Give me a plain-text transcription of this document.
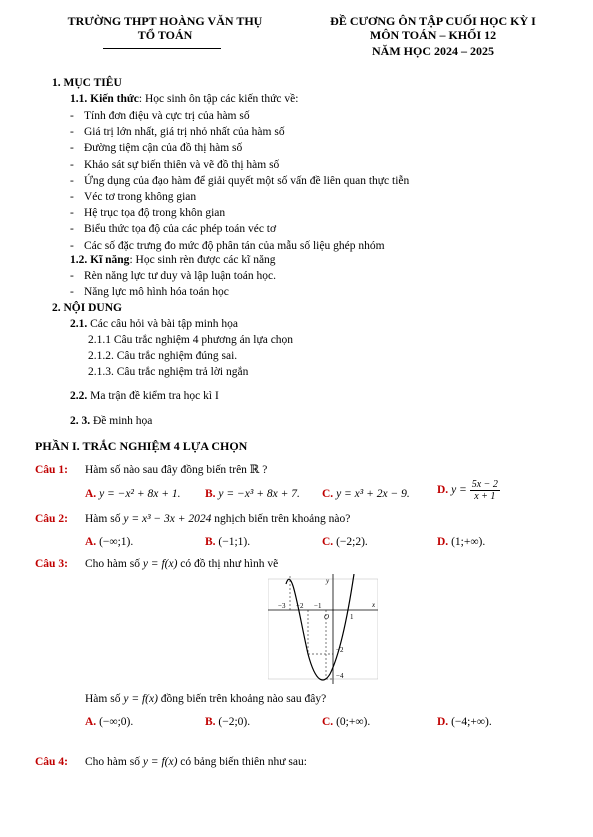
TRƯỜNG THPT HOÀNG VĂN THỤ
TỔ TOÁN
ĐỀ CƯƠNG ÔN TẬP CUỐI HỌC KỲ I
MÔN TOÁN – KHỐI 12
NĂM HỌC 2024 – 2025
1. MỤC TIÊU
1.1. Kiến thức: Học sinh ôn tập các kiến thức về:
- Tính đơn điệu và cực trị của hàm số
- Giá trị lớn nhất, giá trị nhỏ nhất của hàm số
- Đường tiệm cận của đồ thị hàm số
- Khảo sát sự biến thiên và vẽ đồ thị hàm số
- Ứng dụng của đạo hàm để giải quyết một số vấn đề liên quan thực tiễn
- Véc tơ trong không gian
- Hệ trục tọa độ trong khôn gian
- Biểu thức tọa độ của các phép toán véc tơ
- Các số đặc trưng đo mức độ phân tán của mẫu số liệu ghép nhóm
1.2. Kĩ năng: Học sinh rèn được các kĩ năng
- Rèn năng lực tư duy và lập luận toán học.
- Năng lực mô hình hóa toán học
2. NỘI DUNG
2.1. Các câu hỏi và bài tập minh họa
2.1.1 Câu trắc nghiệm 4 phương án lựa chọn
2.1.2. Câu trắc nghiệm đúng sai.
2.1.3. Câu trắc nghiệm trả lời ngắn
2.2. Ma trận đề kiểm tra học kì I
2. 3. Đề minh họa
PHẦN I. TRẮC NGHIỆM 4 LỰA CHỌN
Câu 1: Hàm số nào sau đây đồng biến trên ℝ ?
A. y = −x² + 8x + 1. B. y = −x³ + 8x + 7. C. y = x³ + 2x − 9. D. $y = \frac{5x - 2}{x + 1}$
Câu 2: Hàm số y = x³ − 3x + 2024 nghịch biến trên khoảng nào?
A. (−∞;1).	B. (−1;1).	C. (−2;2).	D. (1;+∞).
Câu 3: Cho hàm số y = f(x) có đồ thị như hình vẽ
y
x
O
−3 −2 −1
1
−2
−4
Hàm số y = f(x) đồng biến trên khoảng nào sau đây?
A. (−∞;0).	B. (−2;0).	C. (0;+∞).	D. (−4;+∞).
Câu 4: Cho hàm số y = f(x) có bảng biến thiên như sau:
